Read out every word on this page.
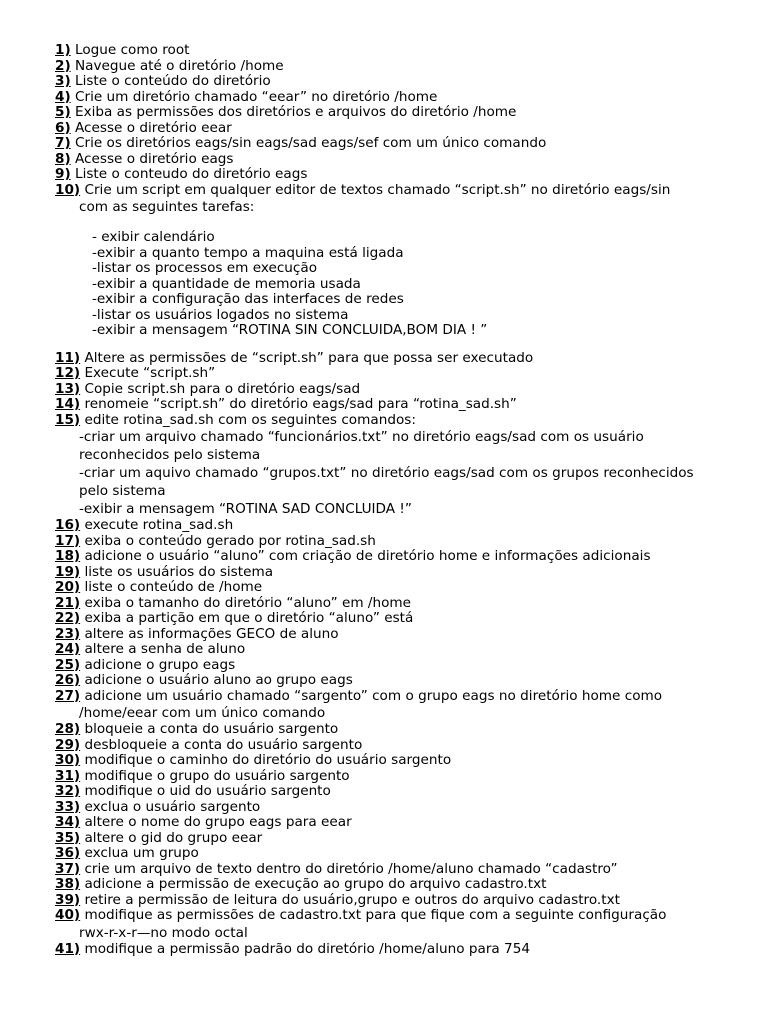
1) Logue como root
2) Navegue até o diretório /home
3) Liste o conteúdo do diretório
4) Crie um diretório chamado “eear” no diretório /home
5) Exiba as permissões dos diretórios e arquivos do diretório /home
6) Acesse o diretório eear
7) Crie os diretórios eags/sin eags/sad eags/sef com um único comando
8) Acesse o diretório eags
9) Liste o conteudo do diretório eags
10) Crie um script em qualquer editor de textos chamado “script.sh” no diretório eags/sin
com as seguintes tarefas:
- exibir calendário
-exibir a quanto tempo a maquina está ligada
-listar os processos em execução
-exibir a quantidade de memoria usada
-exibir a configuração das interfaces de redes
-listar os usuários logados no sistema
-exibir a mensagem “ROTINA SIN CONCLUIDA,BOM DIA ! ”
11) Altere as permissões de “script.sh” para que possa ser executado
12) Execute “script.sh”
13) Copie script.sh para o diretório eags/sad
14) renomeie “script.sh” do diretório eags/sad para “rotina_sad.sh”
15) edite rotina_sad.sh com os seguintes comandos:
-criar um arquivo chamado “funcionários.txt” no diretório eags/sad com os usuário
reconhecidos pelo sistema
-criar um aquivo chamado “grupos.txt” no diretório eags/sad com os grupos reconhecidos
pelo sistema
-exibir a mensagem “ROTINA SAD CONCLUIDA !”
16) execute rotina_sad.sh
17) exiba o conteúdo gerado por rotina_sad.sh
18) adicione o usuário “aluno” com criação de diretório home e informações adicionais
19) liste os usuários do sistema
20) liste o conteúdo de /home
21) exiba o tamanho do diretório “aluno” em /home
22) exiba a partição em que o diretório “aluno” está
23) altere as informações GECO de aluno
24) altere a senha de aluno
25) adicione o grupo eags
26) adicione o usuário aluno ao grupo eags
27) adicione um usuário chamado “sargento” com o grupo eags no diretório home como
/home/eear com um único comando
28) bloqueie a conta do usuário sargento
29) desbloqueie a conta do usuário sargento
30) modifique o caminho do diretório do usuário sargento
31) modifique o grupo do usuário sargento
32) modifique o uid do usuário sargento
33) exclua o usuário sargento
34) altere o nome do grupo eags para eear
35) altere o gid do grupo eear
36) exclua um grupo
37) crie um arquivo de texto dentro do diretório /home/aluno chamado “cadastro”
38) adicione a permissão de execução ao grupo do arquivo cadastro.txt
39) retire a permissão de leitura do usuário,grupo e outros do arquivo cadastro.txt
40) modifique as permissões de cadastro.txt para que fique com a seguinte configuração
rwx-r-x-r—no modo octal
41) modifique a permissão padrão do diretório /home/aluno para 754
